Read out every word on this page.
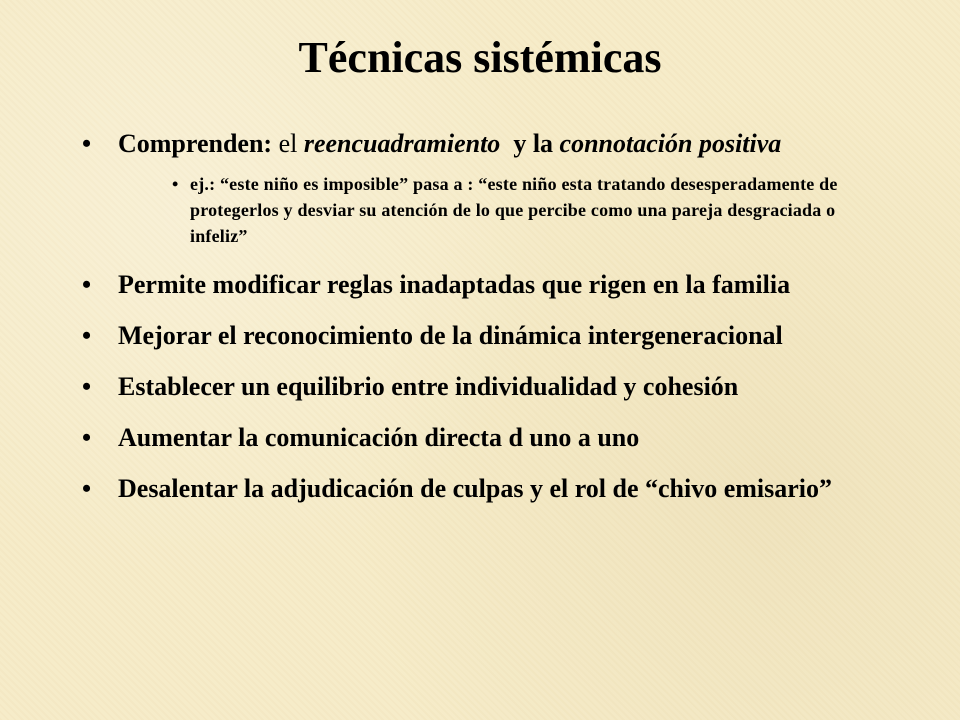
Técnicas sistémicas
• Comprenden: el reencuadramiento  y la connotación positiva
• ej.: “este niño es imposible” pasa a : “este niño esta tratando desesperadamente de protegerlos y desviar su atención de lo que percibe como una pareja desgraciada o infeliz”
• Permite modificar reglas inadaptadas que rigen en la familia
• Mejorar el reconocimiento de la dinámica intergeneracional
• Establecer un equilibrio entre individualidad y cohesión
• Aumentar la comunicación directa d uno a uno
• Desalentar la adjudicación de culpas y el rol de “chivo emisario”
